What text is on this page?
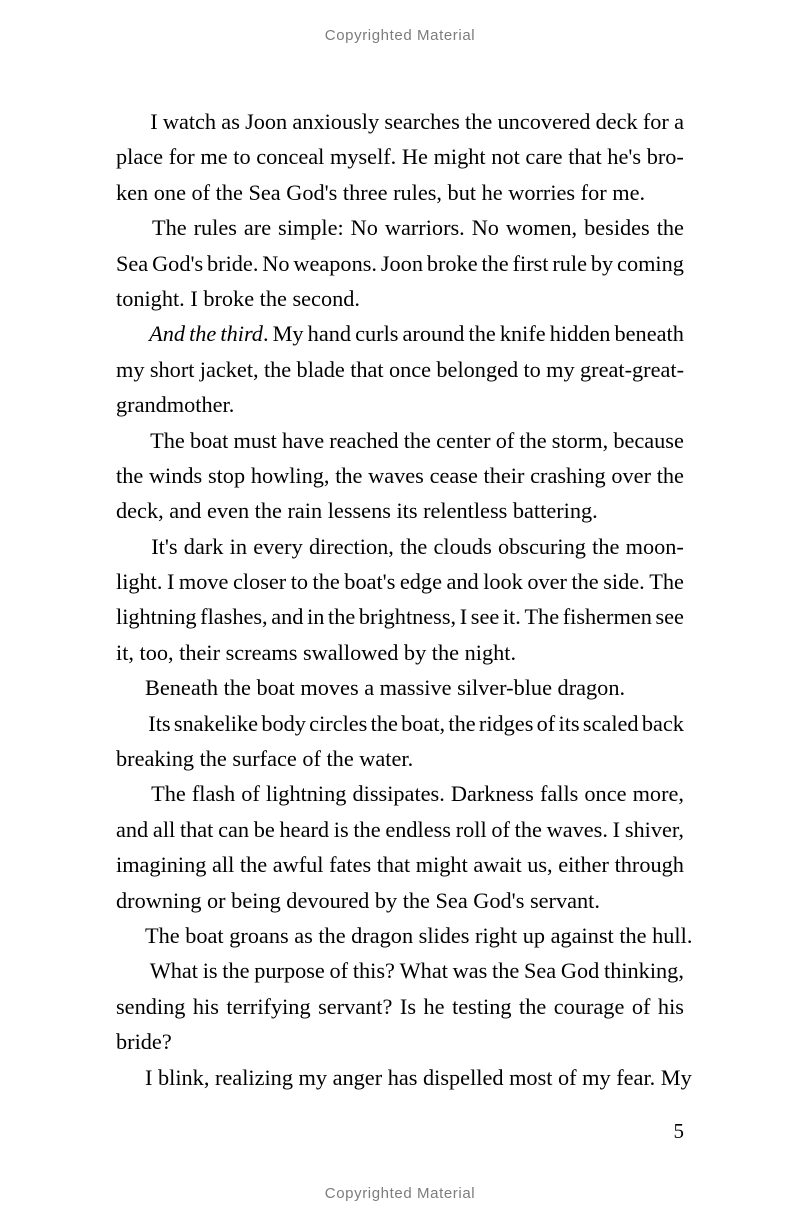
Copyrighted Material

I watch as Joon anxiously searches the uncovered deck for a
place for me to conceal myself. He might not care that he's bro-
ken one of the Sea God's three rules, but he worries for me.

The rules are simple: No warriors. No women, besides the
Sea God's bride. No weapons. Joon broke the first rule by coming
tonight. I broke the second.

And the third. My hand curls around the knife hidden beneath
my short jacket, the blade that once belonged to my great-great-
grandmother.

The boat must have reached the center of the storm, because
the winds stop howling, the waves cease their crashing over the
deck, and even the rain lessens its relentless battering.

It's dark in every direction, the clouds obscuring the moon-
light. I move closer to the boat's edge and look over the side. The
lightning flashes, and in the brightness, I see it. The fishermen see
it, too, their screams swallowed by the night.

Beneath the boat moves a massive silver-blue dragon.

Its snakelike body circles the boat, the ridges of its scaled back
breaking the surface of the water.

The flash of lightning dissipates. Darkness falls once more,
and all that can be heard is the endless roll of the waves. I shiver,
imagining all the awful fates that might await us, either through
drowning or being devoured by the Sea God's servant.

The boat groans as the dragon slides right up against the hull.

What is the purpose of this? What was the Sea God thinking,
sending his terrifying servant? Is he testing the courage of his
bride?

I blink, realizing my anger has dispelled most of my fear. My

5
Copyrighted Material
